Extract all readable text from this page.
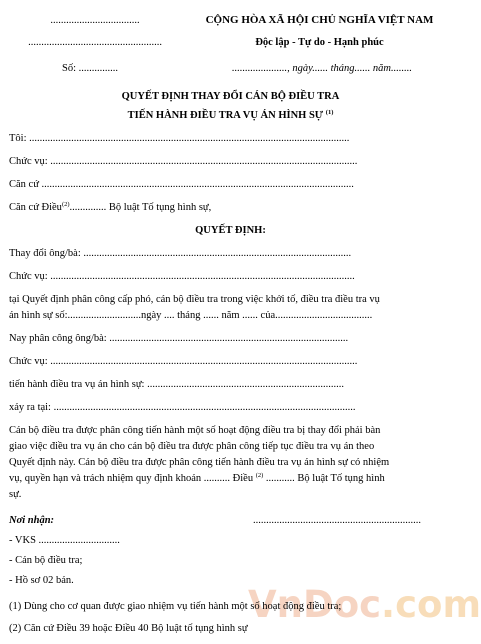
..................................
...................................................
Số: ...............
CỘNG HÒA XÃ HỘI CHỦ NGHĨA VIỆT NAM
Độc lập - Tự do - Hạnh phúc
....................., ngày...... tháng...... năm........
QUYẾT ĐỊNH THAY ĐỔI CÁN BỘ ĐIỀU TRA
TIẾN HÀNH ĐIỀU TRA VỤ ÁN HÌNH SỰ $^{(1)}$
Tôi: ..........................................................................................................................
Chức vụ: .....................................................................................................................
Căn cứ .......................................................................................................................
Căn cứ Điều$^{(2)}$.............. Bộ luật Tố tụng hình sự,
QUYẾT ĐỊNH:
Thay đổi ông/bà: ......................................................................................................
Chức vụ: ....................................................................................................................
tại Quyết định phân công cấp phó, cán bộ điều tra trong việc khởi tố, điều tra điều tra vụ
án hình sự số:............................ngày .... tháng ...... năm ...... của.....................................
Nay phân công ông/bà: ...........................................................................................
Chức vụ: .....................................................................................................................
tiến hành điều tra vụ án hình sự: ...........................................................................
xảy ra tại: ...................................................................................................................
Cán bộ điều tra được phân công tiến hành một số hoạt động điều tra bị thay đổi phải bàn
giao việc điều tra vụ án cho cán bộ điều tra được phân công tiếp tục điều tra vụ án theo
Quyết định này. Cán bộ điều tra được phân công tiến hành điều tra vụ án hình sự có nhiệm
vụ, quyền hạn và trách nhiệm quy định khoản .......... Điều $^{(2)}$ ........... Bộ luật Tố tụng hình
sự.
Nơi nhận:	................................................................
- VKS ...............................
- Cán bộ điều tra;
- Hồ sơ 02 bản.
VnDoc.com
(1) Dùng cho cơ quan được giao nhiệm vụ tiến hành một số hoạt động điều tra;
(2) Căn cứ Điều 39 hoặc Điều 40 Bộ luật tố tụng hình sự
